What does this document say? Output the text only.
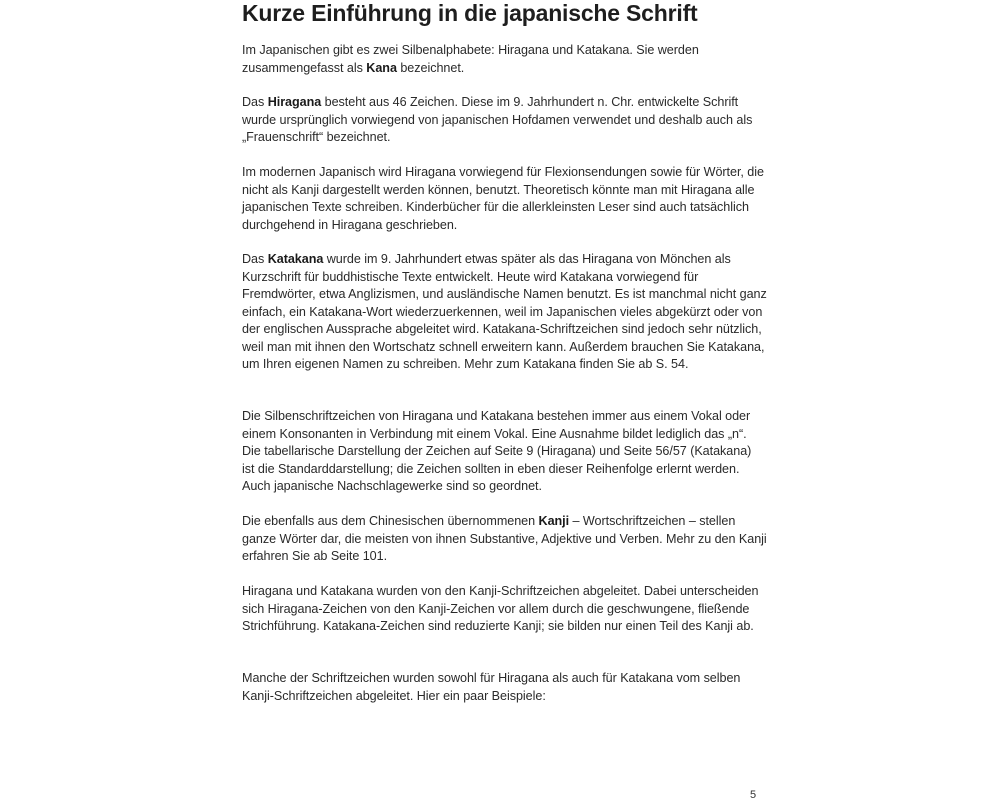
Kurze Einführung in die japanische Schrift

Im Japanischen gibt es zwei Silbenalphabete: Hiragana und Katakana. Sie werden zusammengefasst als Kana bezeichnet.

Das Hiragana besteht aus 46 Zeichen. Diese im 9. Jahrhundert n. Chr. entwickelte Schrift wurde ursprünglich vorwiegend von japanischen Hofdamen verwendet und deshalb auch als „Frauenschrift“ bezeichnet.

Im modernen Japanisch wird Hiragana vorwiegend für Flexionsendungen sowie für Wörter, die nicht als Kanji dargestellt werden können, benutzt. Theoretisch könnte man mit Hiragana alle japanischen Texte schreiben. Kinderbücher für die allerkleinsten Leser sind auch tatsächlich durchgehend in Hiragana geschrieben.

Das Katakana wurde im 9. Jahrhundert etwas später als das Hiragana von Mönchen als Kurzschrift für buddhistische Texte entwickelt. Heute wird Katakana vorwiegend für Fremdwörter, etwa Anglizismen, und ausländische Namen benutzt. Es ist manchmal nicht ganz einfach, ein Katakana-Wort wiederzuerkennen, weil im Japanischen vieles abgekürzt oder von der englischen Aussprache abgeleitet wird. Katakana-Schriftzeichen sind jedoch sehr nützlich, weil man mit ihnen den Wortschatz schnell erweitern kann. Außerdem brauchen Sie Katakana, um Ihren eigenen Namen zu schreiben. Mehr zum Katakana finden Sie ab S. 54.

Die Silbenschriftzeichen von Hiragana und Katakana bestehen immer aus einem Vokal oder einem Konsonanten in Verbindung mit einem Vokal. Eine Ausnahme bildet lediglich das „n“. Die tabellarische Darstellung der Zeichen auf Seite 9 (Hiragana) und Seite 56/57 (Katakana) ist die Standarddarstellung; die Zeichen sollten in eben dieser Reihenfolge erlernt werden. Auch japanische Nachschlagewerke sind so geordnet.

Die ebenfalls aus dem Chinesischen übernommenen Kanji – Wortschriftzeichen – stellen ganze Wörter dar, die meisten von ihnen Substantive, Adjektive und Verben. Mehr zu den Kanji erfahren Sie ab Seite 101.

Hiragana und Katakana wurden von den Kanji-Schriftzeichen abgeleitet. Dabei unterscheiden sich Hiragana-Zeichen von den Kanji-Zeichen vor allem durch die geschwungene, fließende Strichführung. Katakana-Zeichen sind reduzierte Kanji; sie bilden nur einen Teil des Kanji ab.

Manche der Schriftzeichen wurden sowohl für Hiragana als auch für Katakana vom selben Kanji-Schriftzeichen abgeleitet. Hier ein paar Beispiele:

5
